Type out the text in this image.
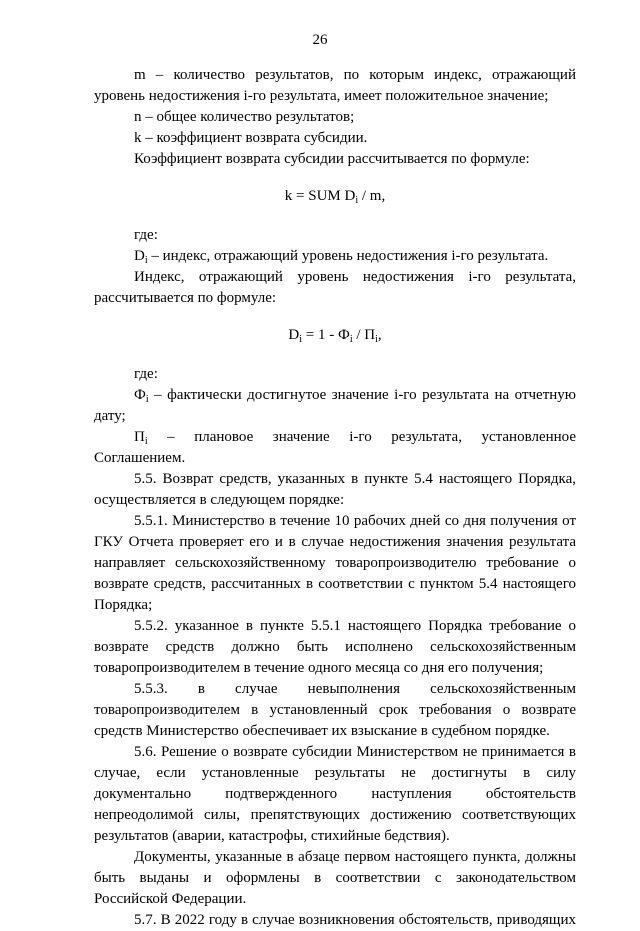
26

m – количество результатов, по которым индекс, отражающий уровень недостижения i-го результата, имеет положительное значение;

n – общее количество результатов;

k – коэффициент возврата субсидии.

Коэффициент возврата субсидии рассчитывается по формуле:

k = SUM $D_i$ / m,

где:

$D_i$ – индекс, отражающий уровень недостижения i-го результата.

Индекс, отражающий уровень недостижения i-го результата, рассчитывается по формуле:

$D_i = 1 - Ф_i / П_i$,

где:

$Ф_i$ – фактически достигнутое значение i-го результата на отчетную дату;

$П_i$ – плановое значение i-го результата, установленное Соглашением.

5.5. Возврат средств, указанных в пункте 5.4 настоящего Порядка, осуществляется в следующем порядке:

5.5.1. Министерство в течение 10 рабочих дней со дня получения от ГКУ Отчета проверяет его и в случае недостижения значения результата направляет сельскохозяйственному товаропроизводителю требование о возврате средств, рассчитанных в соответствии с пунктом 5.4 настоящего Порядка;

5.5.2. указанное в пункте 5.5.1 настоящего Порядка требование о возврате средств должно быть исполнено сельскохозяйственным товаропроизводителем в течение одного месяца со дня его получения;

5.5.3. в случае невыполнения сельскохозяйственным товаропроизводителем в установленный срок требования о возврате средств Министерство обеспечивает их взыскание в судебном порядке.

5.6. Решение о возврате субсидии Министерством не принимается в случае, если установленные результаты не достигнуты в силу документально подтвержденного наступления обстоятельств непреодолимой силы, препятствующих достижению соответствующих результатов (аварии, катастрофы, стихийные бедствия).

Документы, указанные в абзаце первом настоящего пункта, должны быть выданы и оформлены в соответствии с законодательством Российской Федерации.

5.7. В 2022 году в случае возникновения обстоятельств, приводящих
